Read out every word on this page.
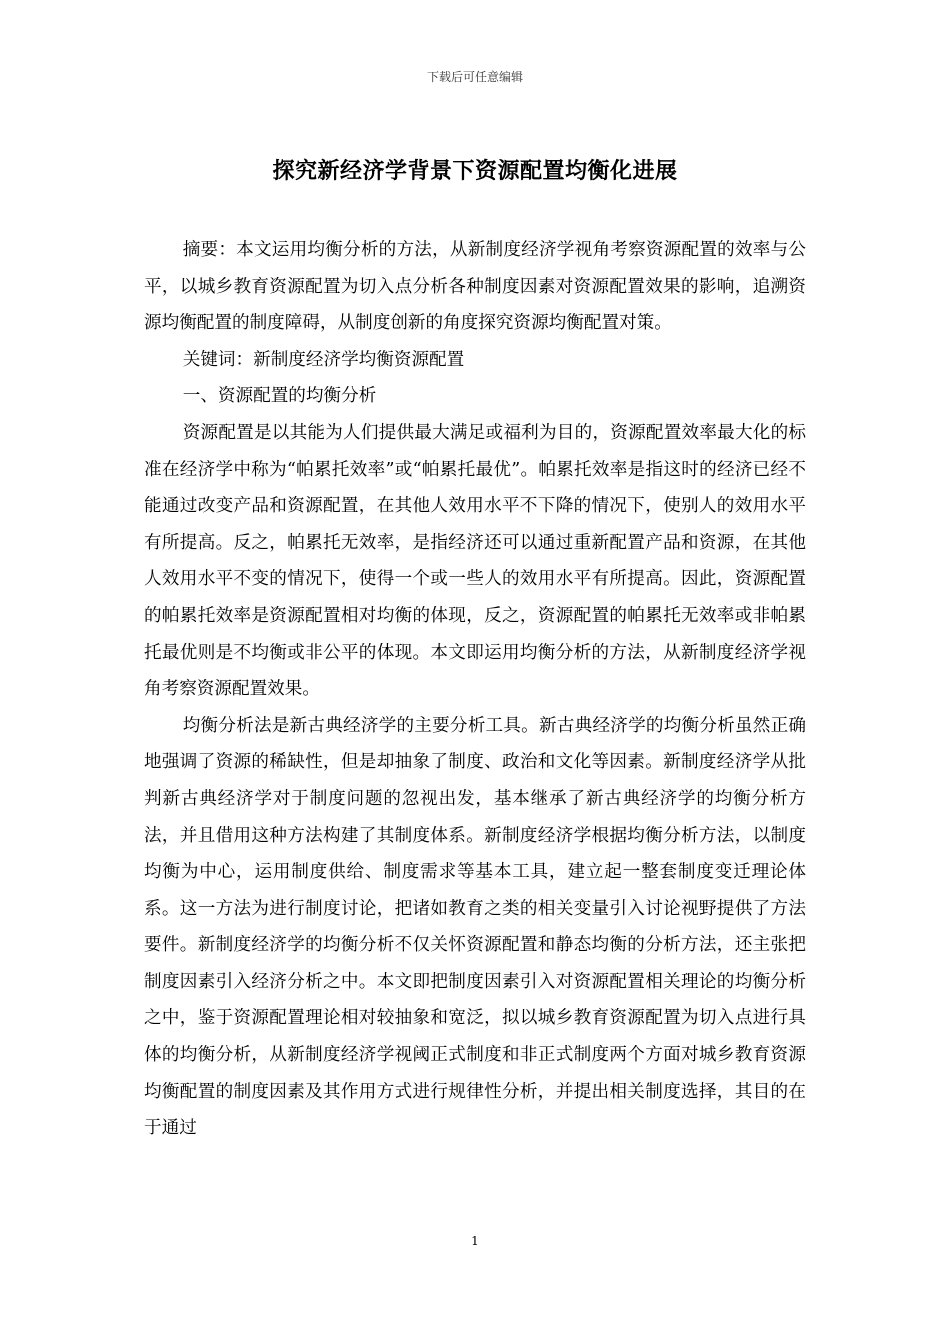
下载后可任意编辑
探究新经济学背景下资源配置均衡化进展

摘要：本文运用均衡分析的方法，从新制度经济学视角考察资源配置的效率与公平，以城乡教育资源配置为切入点分析各种制度因素对资源配置效果的影响，追溯资源均衡配置的制度障碍，从制度创新的角度探究资源均衡配置对策。

关键词：新制度经济学均衡资源配置

一、资源配置的均衡分析

资源配置是以其能为人们提供最大满足或福利为目的，资源配置效率最大化的标准在经济学中称为“帕累托效率”或“帕累托最优”。帕累托效率是指这时的经济已经不能通过改变产品和资源配置，在其他人效用水平不下降的情况下，使别人的效用水平有所提高。反之，帕累托无效率，是指经济还可以通过重新配置产品和资源，在其他人效用水平不变的情况下，使得一个或一些人的效用水平有所提高。因此，资源配置的帕累托效率是资源配置相对均衡的体现，反之，资源配置的帕累托无效率或非帕累托最优则是不均衡或非公平的体现。本文即运用均衡分析的方法，从新制度经济学视角考察资源配置效果。

均衡分析法是新古典经济学的主要分析工具。新古典经济学的均衡分析虽然正确地强调了资源的稀缺性，但是却抽象了制度、政治和文化等因素。新制度经济学从批判新古典经济学对于制度问题的忽视出发，基本继承了新古典经济学的均衡分析方法，并且借用这种方法构建了其制度体系。新制度经济学根据均衡分析方法，以制度均衡为中心，运用制度供给、制度需求等基本工具，建立起一整套制度变迁理论体系。这一方法为进行制度讨论，把诸如教育之类的相关变量引入讨论视野提供了方法要件。新制度经济学的均衡分析不仅关怀资源配置和静态均衡的分析方法，还主张把制度因素引入经济分析之中。本文即把制度因素引入对资源配置相关理论的均衡分析之中，鉴于资源配置理论相对较抽象和宽泛，拟以城乡教育资源配置为切入点进行具体的均衡分析，从新制度经济学视阈正式制度和非正式制度两个方面对城乡教育资源均衡配置的制度因素及其作用方式进行规律性分析，并提出相关制度选择，其目的在于通过

1
